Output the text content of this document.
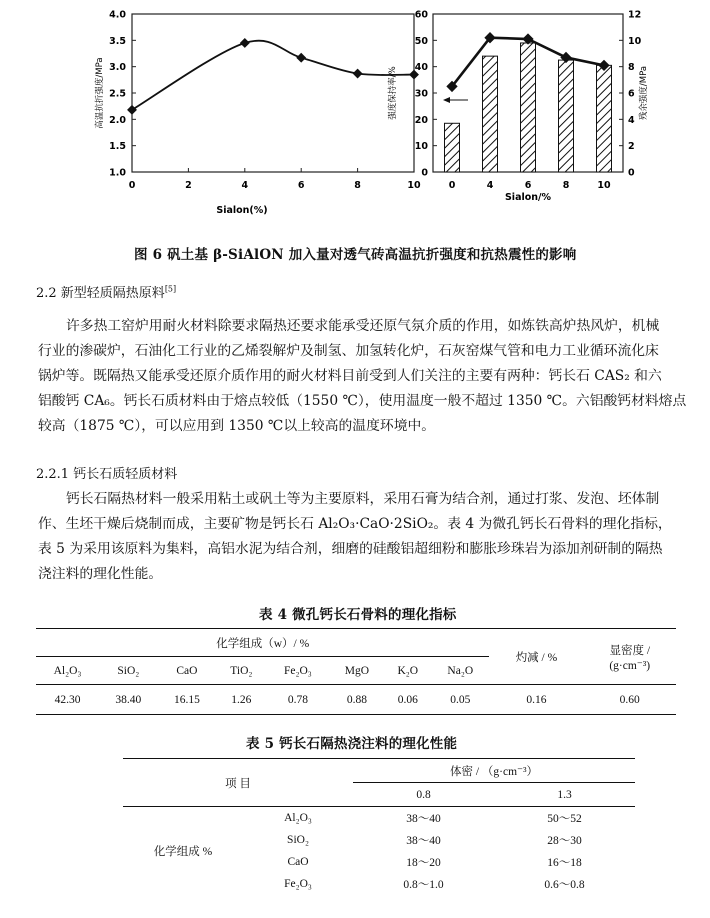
1.0
1.5
2.0
2.5
3.0
3.5
4.0
0	2	4	6	8	10
Sialon(%)
高温抗折强度/MPa
0
10
20
30
40
50
60
0
2
4
6
8
10
12
0	4	6	8	10
Sialon/%
强度保持率/%	残余强度/MPa
图 6 矾土基 β-SiAlON 加入量对透气砖高温抗折强度和抗热震性的影响
2.2 新型轻质隔热原料[5]
许多热工窑炉用耐火材料除要求隔热还要求能承受还原气氛介质的作用，如炼铁高炉热风炉，机械
行业的渗碳炉，石油化工行业的乙烯裂解炉及制氢、加氢转化炉，石灰窑煤气管和电力工业循环流化床
锅炉等。既隔热又能承受还原介质作用的耐火材料目前受到人们关注的主要有两种：钙长石 CAS₂ 和六
铝酸钙 CA₆。钙长石质材料由于熔点较低（1550 ℃），使用温度一般不超过 1350 ℃。六铝酸钙材料熔点
较高（1875 ℃），可以应用到 1350 ℃以上较高的温度环境中。
2.2.1 钙长石质轻质材料
钙长石隔热材料一般采用粘土或矾土等为主要原料，采用石膏为结合剂，通过打浆、发泡、坯体制
作、生坯干燥后烧制而成，主要矿物是钙长石 Al₂O₃·CaO·2SiO₂。表 4 为微孔钙长石骨料的理化指标，
表 5 为采用该原料为集料，高铝水泥为结合剂，细磨的硅酸铝超细粉和膨胀珍珠岩为添加剂研制的隔热
浇注料的理化性能。
表 4 微孔钙长石骨料的理化指标
化学组成（w）/ %								灼减 / %	显密度 /
(g·cm⁻³)

Al₂O₃	SiO₂	CaO	TiO₂	Fe₂O₃	MgO	K₂O	Na₂O		
42.30	38.40	16.15	1.26	0.78	0.88	0.06	0.05	0.16	0.60
表 5 钙长石隔热浇注料的理化性能
项 目		体密 / （g·cm⁻³）	
		0.8	1.3
化学组成 %	Al₂O₃	38～40	50～52
	SiO₂	38～40	28～30
	CaO	18～20	16～18
	Fe₂O₃	0.8～1.0	0.6～0.8
